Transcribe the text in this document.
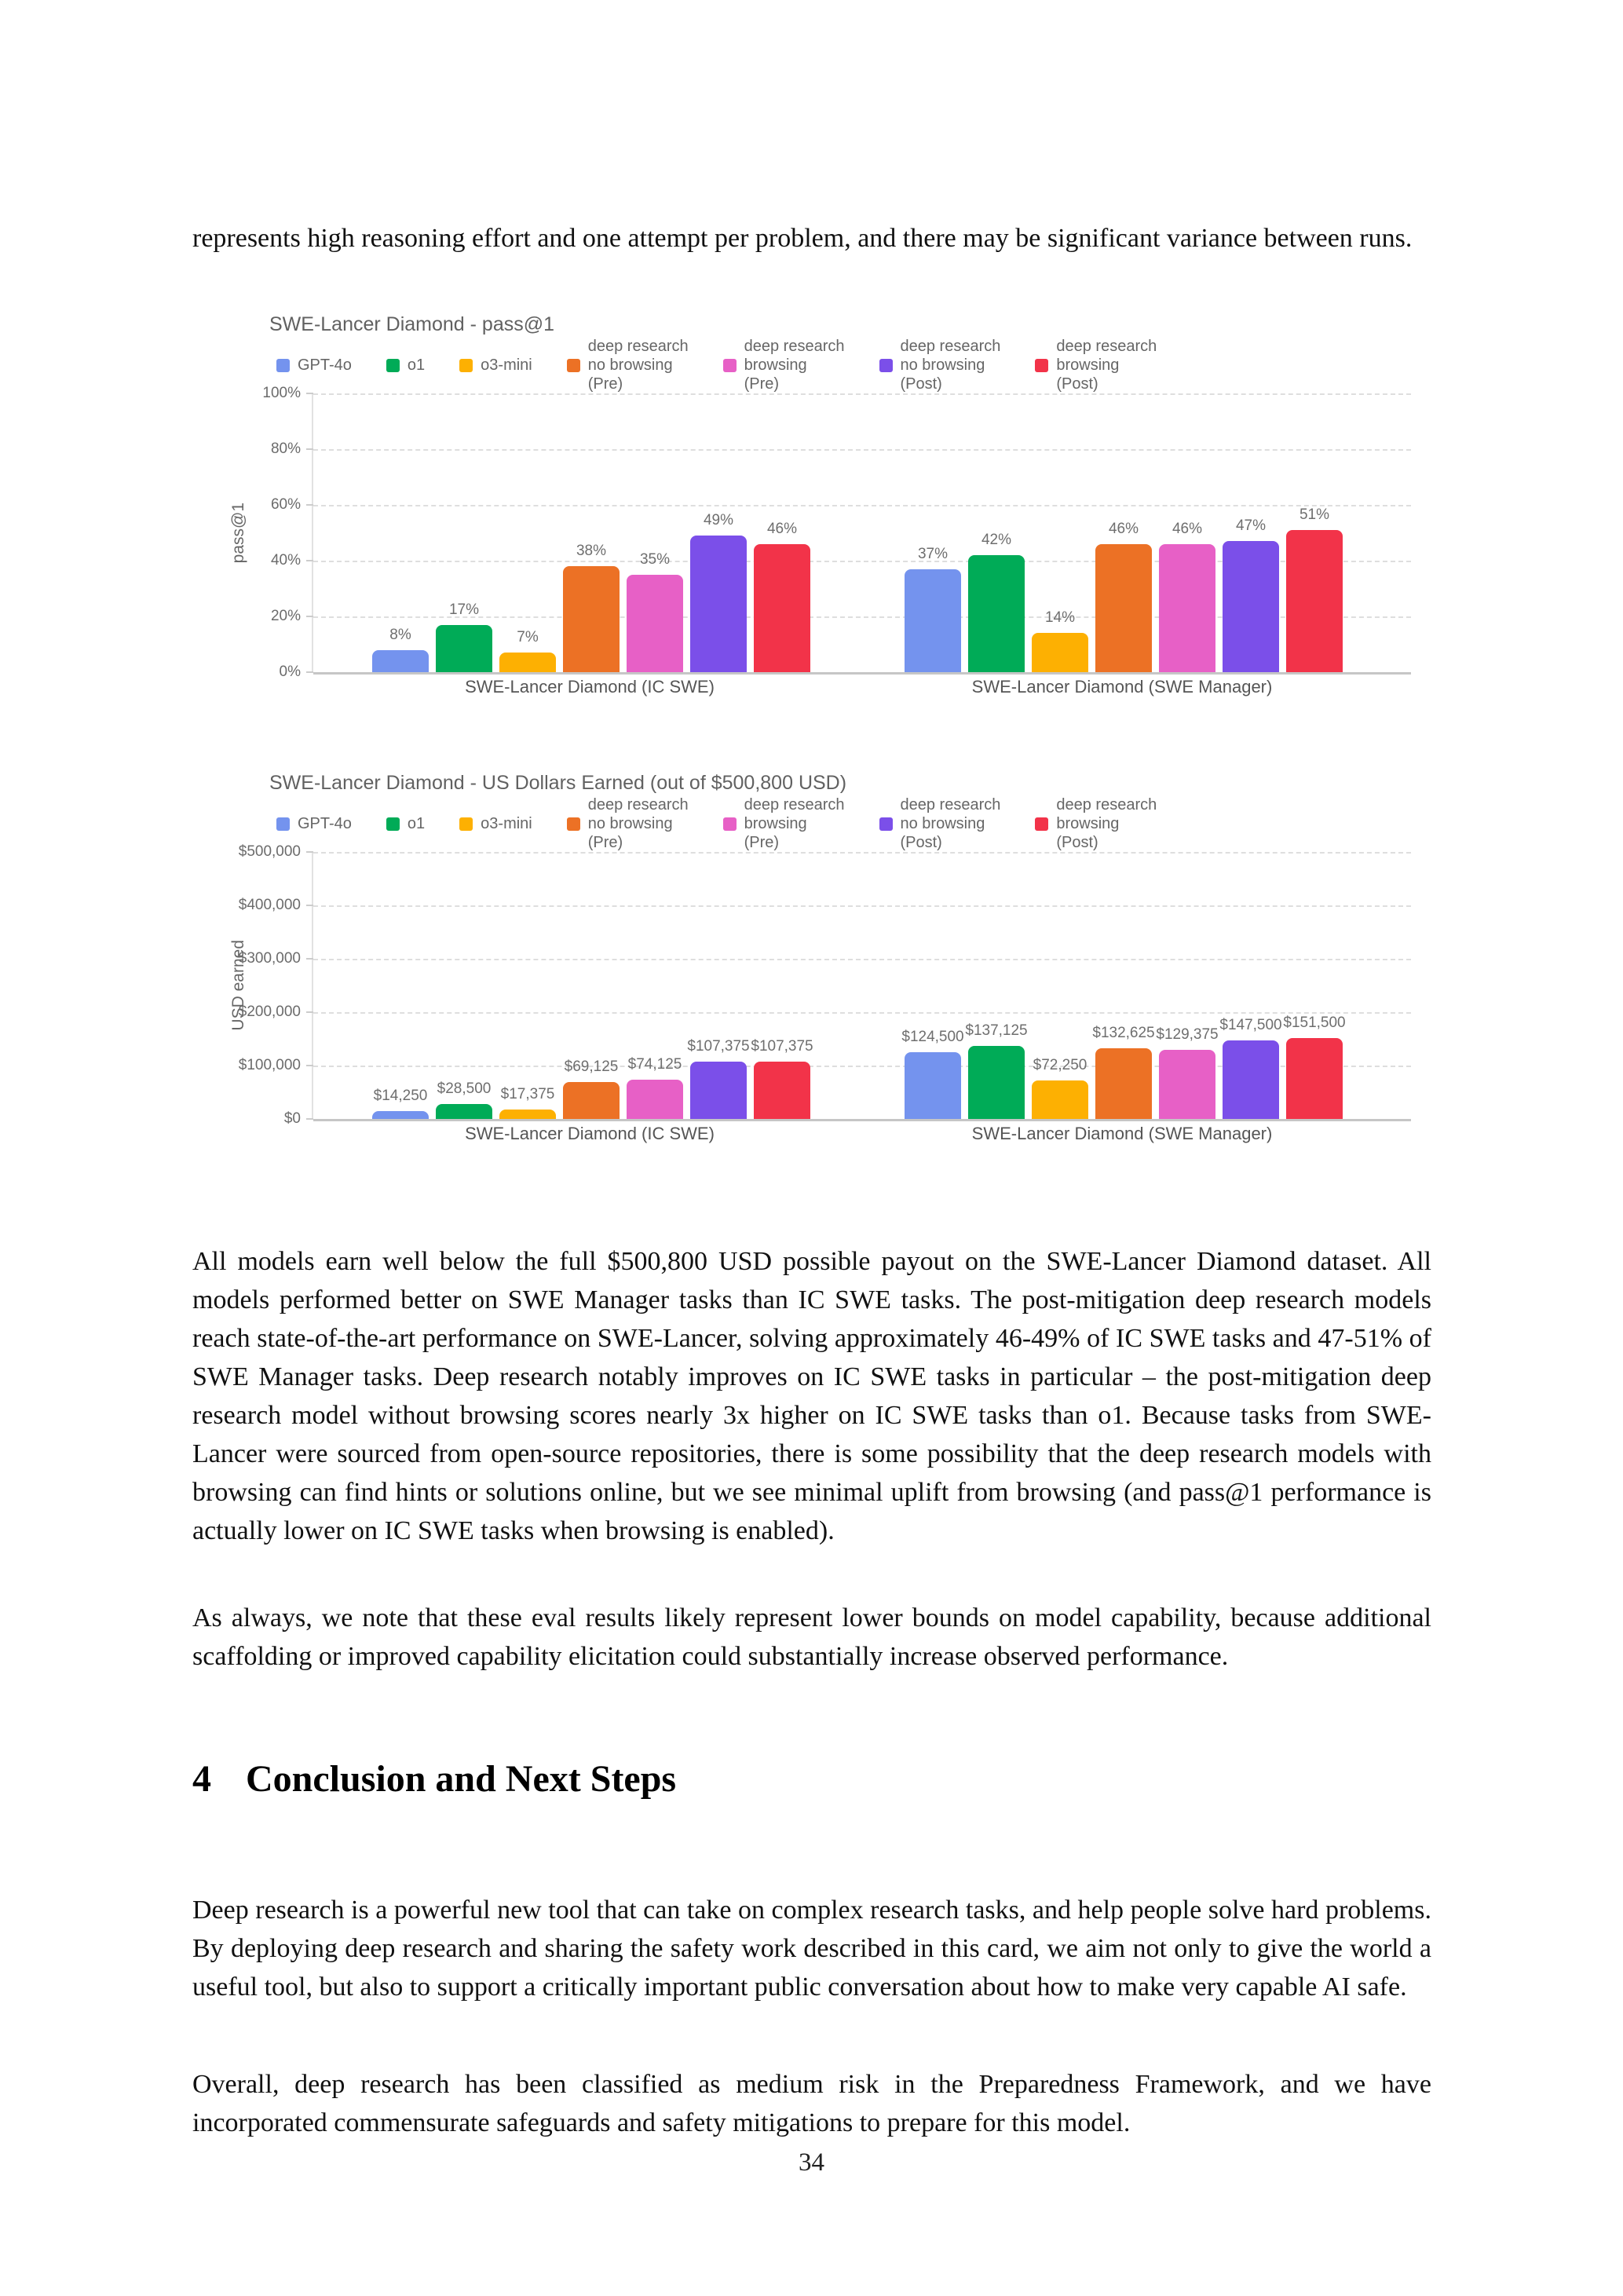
represents high reasoning effort and one attempt per problem, and there may be significant variance between runs.

SWE-Lancer Diamond - pass@1
GPT-4o	o1	o3-mini
deep research
no browsing
(Pre)
deep research
browsing
(Pre)
deep research
no browsing
(Post)
deep research
browsing
(Post)
pass@1
100%
80%
60%
40%
20%
0%
8%
17%
7%
38%
35%
49%
46%
37%
42%
14%
46% 46% 47%
51%
SWE-Lancer Diamond (IC SWE)	SWE-Lancer Diamond (SWE Manager)
SWE-Lancer Diamond - US Dollars Earned (out of $500,800 USD)
GPT-4o	o1	o3-mini
deep research
no browsing
(Pre)
deep research
browsing
(Pre)
deep research
no browsing
(Post)
deep research
browsing
(Post)
USD earned
$500,000
$400,000
$300,000
$200,000
$100,000
$0
$14,250 $28,500 $17,375
$69,125 $74,125
$107,375 $107,375
$124,500 $137,125
$72,250
$132,625 $129,375
$147,500 $151,500
SWE-Lancer Diamond (IC SWE)	SWE-Lancer Diamond (SWE Manager)

All models earn well below the full $500,800 USD possible payout on the SWE-Lancer Diamond dataset. All models performed better on SWE Manager tasks than IC SWE tasks. The post-mitigation deep research models reach state-of-the-art performance on SWE-Lancer, solving approximately 46-49% of IC SWE tasks and 47-51% of SWE Manager tasks. Deep research notably improves on IC SWE tasks in particular – the post-mitigation deep research model without browsing scores nearly 3x higher on IC SWE tasks than o1. Because tasks from SWE-Lancer were sourced from open-source repositories, there is some possibility that the deep research models with browsing can find hints or solutions online, but we see minimal uplift from browsing (and pass@1 performance is actually lower on IC SWE tasks when browsing is enabled).

As always, we note that these eval results likely represent lower bounds on model capability, because additional scaffolding or improved capability elicitation could substantially increase observed performance.

4 Conclusion and Next Steps

Deep research is a powerful new tool that can take on complex research tasks, and help people solve hard problems. By deploying deep research and sharing the safety work described in this card, we aim not only to give the world a useful tool, but also to support a critically important public conversation about how to make very capable AI safe.

Overall, deep research has been classified as medium risk in the Preparedness Framework, and we have incorporated commensurate safeguards and safety mitigations to prepare for this model.

34
